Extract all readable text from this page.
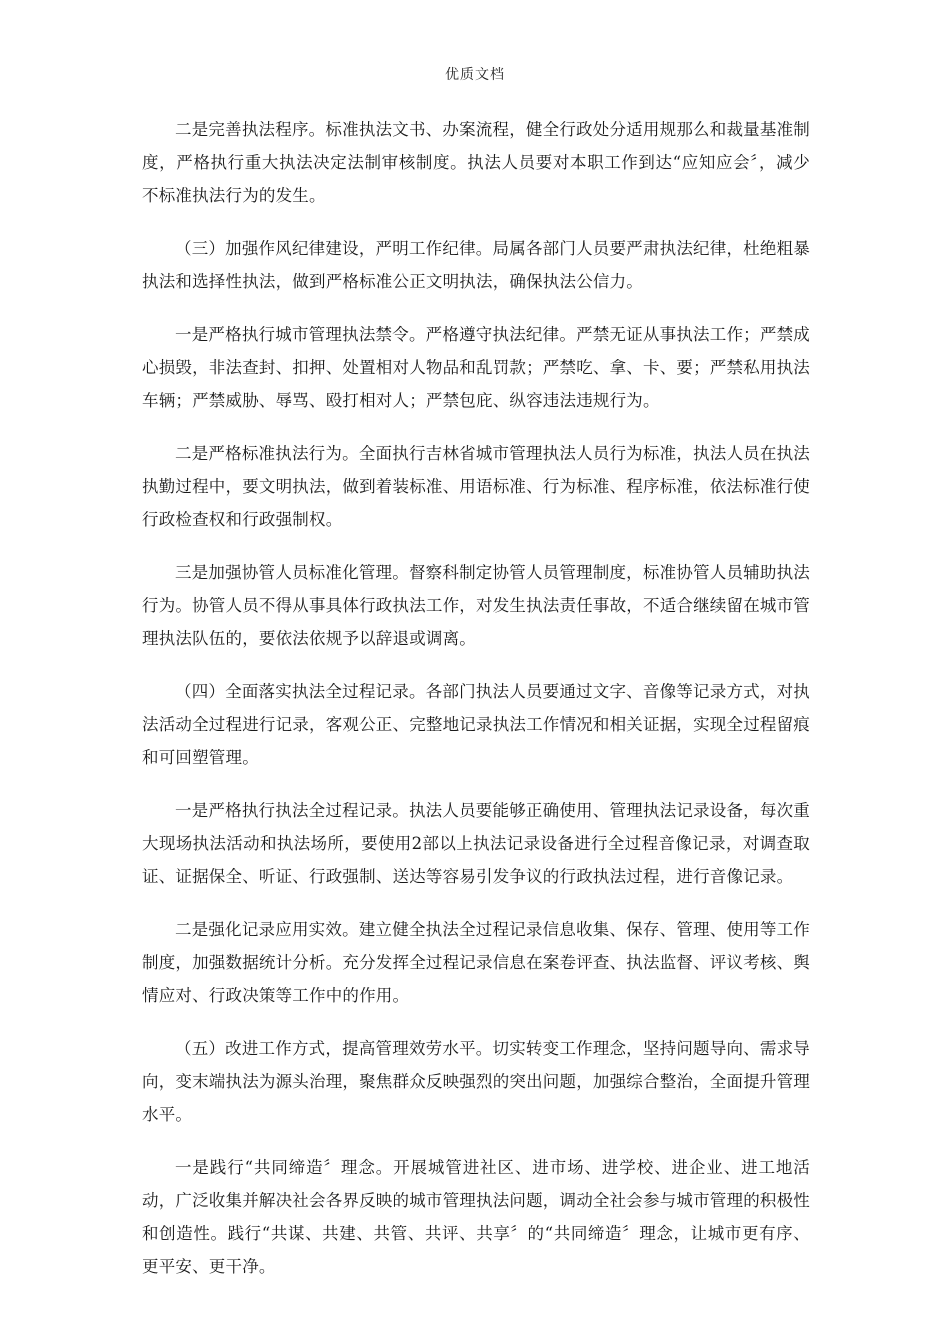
优质文档

二是完善执法程序。标准执法文书、办案流程，健全行政处分适用规那么和裁量基准制度，严格执行重大执法决定法制审核制度。执法人员要对本职工作到达“应知应会〞，减少不标准执法行为的发生。

（三）加强作风纪律建设，严明工作纪律。局属各部门人员要严肃执法纪律，杜绝粗暴执法和选择性执法，做到严格标准公正文明执法，确保执法公信力。

一是严格执行城市管理执法禁令。严格遵守执法纪律。严禁无证从事执法工作；严禁成心损毁，非法查封、扣押、处置相对人物品和乱罚款；严禁吃、拿、卡、要；严禁私用执法车辆；严禁威胁、辱骂、殴打相对人；严禁包庇、纵容违法违规行为。

二是严格标准执法行为。全面执行吉林省城市管理执法人员行为标准，执法人员在执法执勤过程中，要文明执法，做到着装标准、用语标准、行为标准、程序标准，依法标准行使行政检查权和行政强制权。

三是加强协管人员标准化管理。督察科制定协管人员管理制度，标准协管人员辅助执法行为。协管人员不得从事具体行政执法工作，对发生执法责任事故，不适合继续留在城市管理执法队伍的，要依法依规予以辞退或调离。

（四）全面落实执法全过程记录。各部门执法人员要通过文字、音像等记录方式，对执法活动全过程进行记录，客观公正、完整地记录执法工作情况和相关证据，实现全过程留痕和可回塑管理。

一是严格执行执法全过程记录。执法人员要能够正确使用、管理执法记录设备，每次重大现场执法活动和执法场所，要使用2部以上执法记录设备进行全过程音像记录，对调查取证、证据保全、听证、行政强制、送达等容易引发争议的行政执法过程，进行音像记录。

二是强化记录应用实效。建立健全执法全过程记录信息收集、保存、管理、使用等工作制度，加强数据统计分析。充分发挥全过程记录信息在案卷评查、执法监督、评议考核、舆情应对、行政决策等工作中的作用。

（五）改进工作方式，提高管理效劳水平。切实转变工作理念，坚持问题导向、需求导向，变末端执法为源头治理，聚焦群众反映强烈的突出问题，加强综合整治，全面提升管理水平。

一是践行“共同缔造〞理念。开展城管进社区、进市场、进学校、进企业、进工地活动，广泛收集并解决社会各界反映的城市管理执法问题，调动全社会参与城市管理的积极性和创造性。践行“共谋、共建、共管、共评、共享〞的“共同缔造〞理念，让城市更有序、更平安、更干净。
